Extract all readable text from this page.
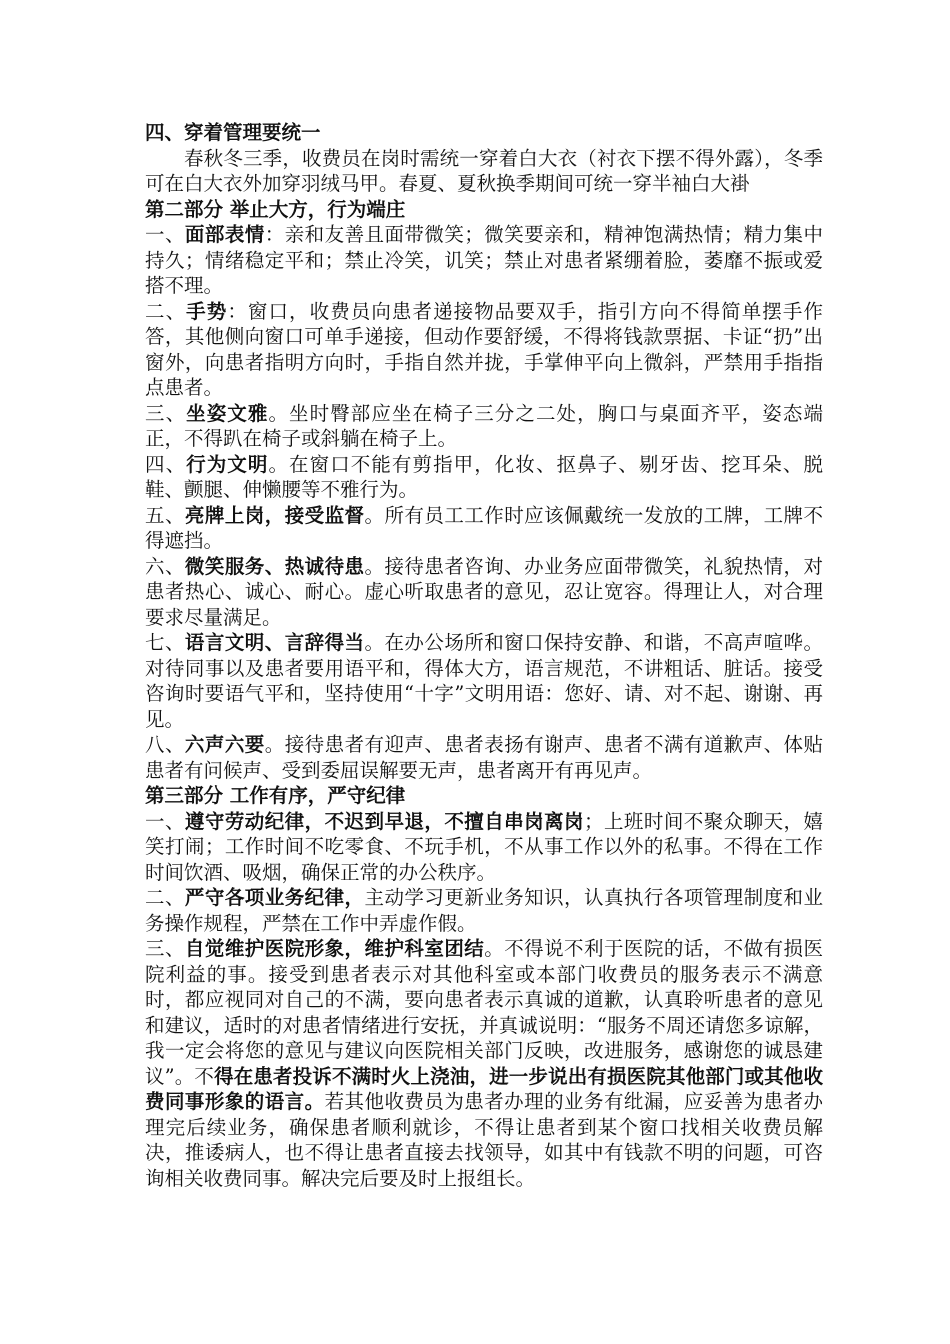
四、穿着管理要统一

春秋冬三季，收费员在岗时需统一穿着白大衣（衬衣下摆不得外露），冬季可在白大衣外加穿羽绒马甲。春夏、夏秋换季期间可统一穿半袖白大褂

第二部分 举止大方，行为端庄

一、面部表情：亲和友善且面带微笑；微笑要亲和，精神饱满热情；精力集中持久；情绪稳定平和；禁止冷笑，讥笑；禁止对患者紧绷着脸，萎靡不振或爱搭不理。

二、手势：窗口，收费员向患者递接物品要双手，指引方向不得简单摆手作答，其他侧向窗口可单手递接，但动作要舒缓，不得将钱款票据、卡证“扔”出窗外，向患者指明方向时，手指自然并拢，手掌伸平向上微斜，严禁用手指指点患者。

三、坐姿文雅。坐时臀部应坐在椅子三分之二处，胸口与桌面齐平，姿态端正，不得趴在椅子或斜躺在椅子上。

四、行为文明。在窗口不能有剪指甲，化妆、抠鼻子、剔牙齿、挖耳朵、脱鞋、颤腿、伸懒腰等不雅行为。

五、亮牌上岗，接受监督。所有员工工作时应该佩戴统一发放的工牌，工牌不得遮挡。

六、微笑服务、热诚待患。接待患者咨询、办业务应面带微笑，礼貌热情，对患者热心、诚心、耐心。虚心听取患者的意见，忍让宽容。得理让人，对合理要求尽量满足。

七、语言文明、言辞得当。在办公场所和窗口保持安静、和谐，不高声喧哗。对待同事以及患者要用语平和，得体大方，语言规范，不讲粗话、脏话。接受咨询时要语气平和，坚持使用“十字”文明用语：您好、请、对不起、谢谢、再见。

八、六声六要。接待患者有迎声、患者表扬有谢声、患者不满有道歉声、体贴患者有问候声、受到委屈误解要无声，患者离开有再见声。

第三部分 工作有序，严守纪律

一、遵守劳动纪律，不迟到早退，不擅自串岗离岗；上班时间不聚众聊天，嬉笑打闹；工作时间不吃零食、不玩手机，不从事工作以外的私事。不得在工作时间饮酒、吸烟，确保正常的办公秩序。

二、严守各项业务纪律，主动学习更新业务知识，认真执行各项管理制度和业务操作规程，严禁在工作中弄虚作假。

三、自觉维护医院形象，维护科室团结。不得说不利于医院的话，不做有损医院利益的事。接受到患者表示对其他科室或本部门收费员的服务表示不满意时，都应视同对自己的不满，要向患者表示真诚的道歉，认真聆听患者的意见和建议，适时的对患者情绪进行安抚，并真诚说明：“服务不周还请您多谅解，我一定会将您的意见与建议向医院相关部门反映，改进服务，感谢您的诚恳建议”。不得在患者投诉不满时火上浇油，进一步说出有损医院其他部门或其他收费同事形象的语言。若其他收费员为患者办理的业务有纰漏，应妥善为患者办理完后续业务，确保患者顺利就诊，不得让患者到某个窗口找相关收费员解决，推诿病人，也不得让患者直接去找领导，如其中有钱款不明的问题，可咨询相关收费同事。解决完后要及时上报组长。
